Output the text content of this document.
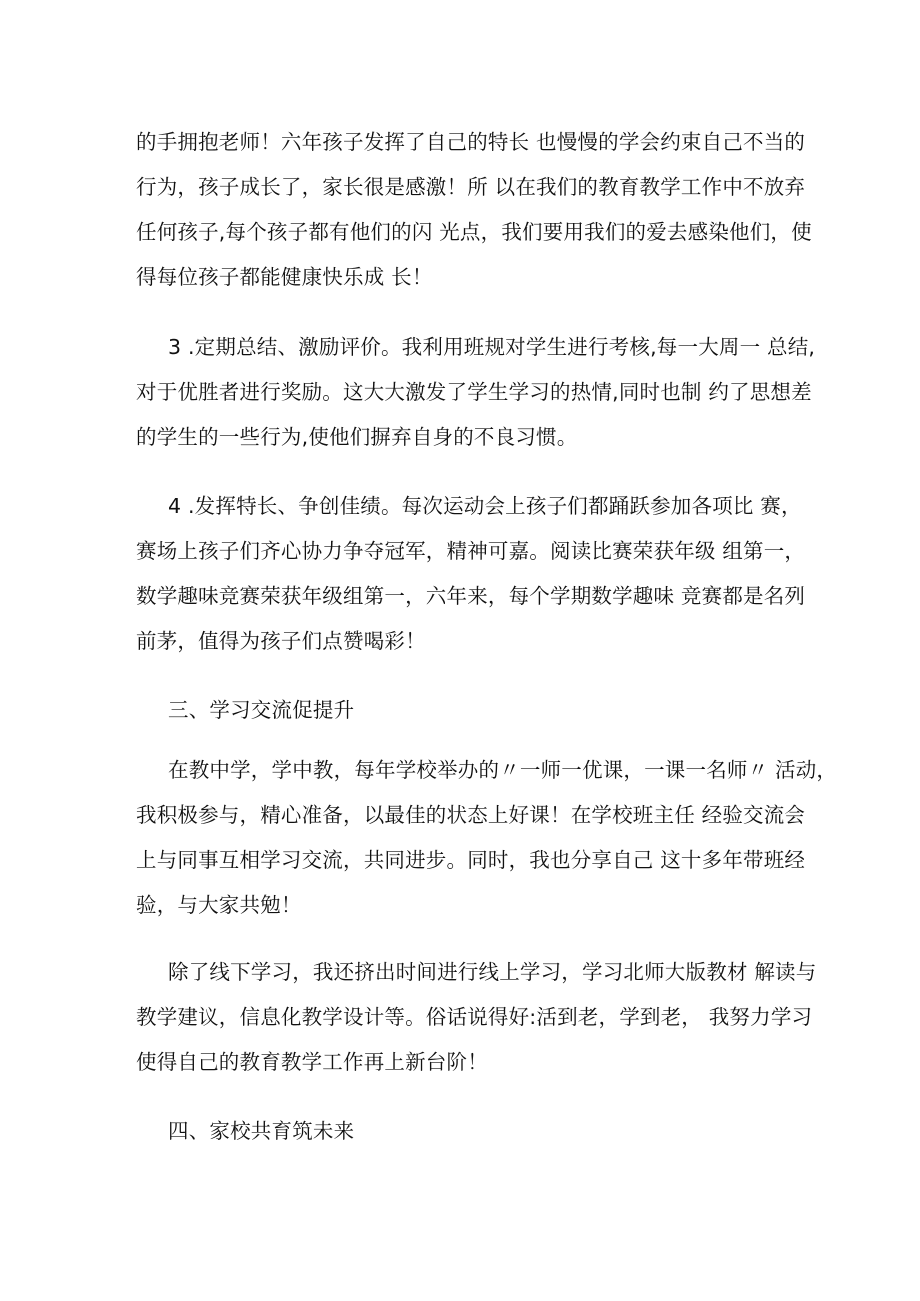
的手拥抱老师！六年孩子发挥了自己的特长 也慢慢的学会约束自己不当的
行为，孩子成长了，家长很是感激！所 以在我们的教育教学工作中不放弃
任何孩子,每个孩子都有他们的闪 光点，我们要用我们的爱去感染他们，使
得每位孩子都能健康快乐成 长！
3 .定期总结、激励评价。我利用班规对学生进行考核,每一大周一 总结,
对于优胜者进行奖励。这大大激发了学生学习的热情,同时也制 约了思想差
的学生的一些行为,使他们摒弃自身的不良习惯。
4 .发挥特长、争创佳绩。每次运动会上孩子们都踊跃参加各项比 赛，
赛场上孩子们齐心协力争夺冠军，精神可嘉。阅读比赛荣获年级 组第一，
数学趣味竞赛荣获年级组第一，六年来，每个学期数学趣味 竞赛都是名列
前茅，值得为孩子们点赞喝彩！
三、学习交流促提升
在教中学，学中教，每年学校举办的〃一师一优课，一课一名师〃 活动，
我积极参与，精心准备，以最佳的状态上好课！在学校班主任 经验交流会
上与同事互相学习交流，共同进步。同时，我也分享自己 这十多年带班经
验，与大家共勉！
除了线下学习，我还挤出时间进行线上学习，学习北师大版教材 解读与
教学建议，信息化教学设计等。俗话说得好:活到老，学到老， 我努力学习
使得自己的教育教学工作再上新台阶！
四、家校共育筑未来
